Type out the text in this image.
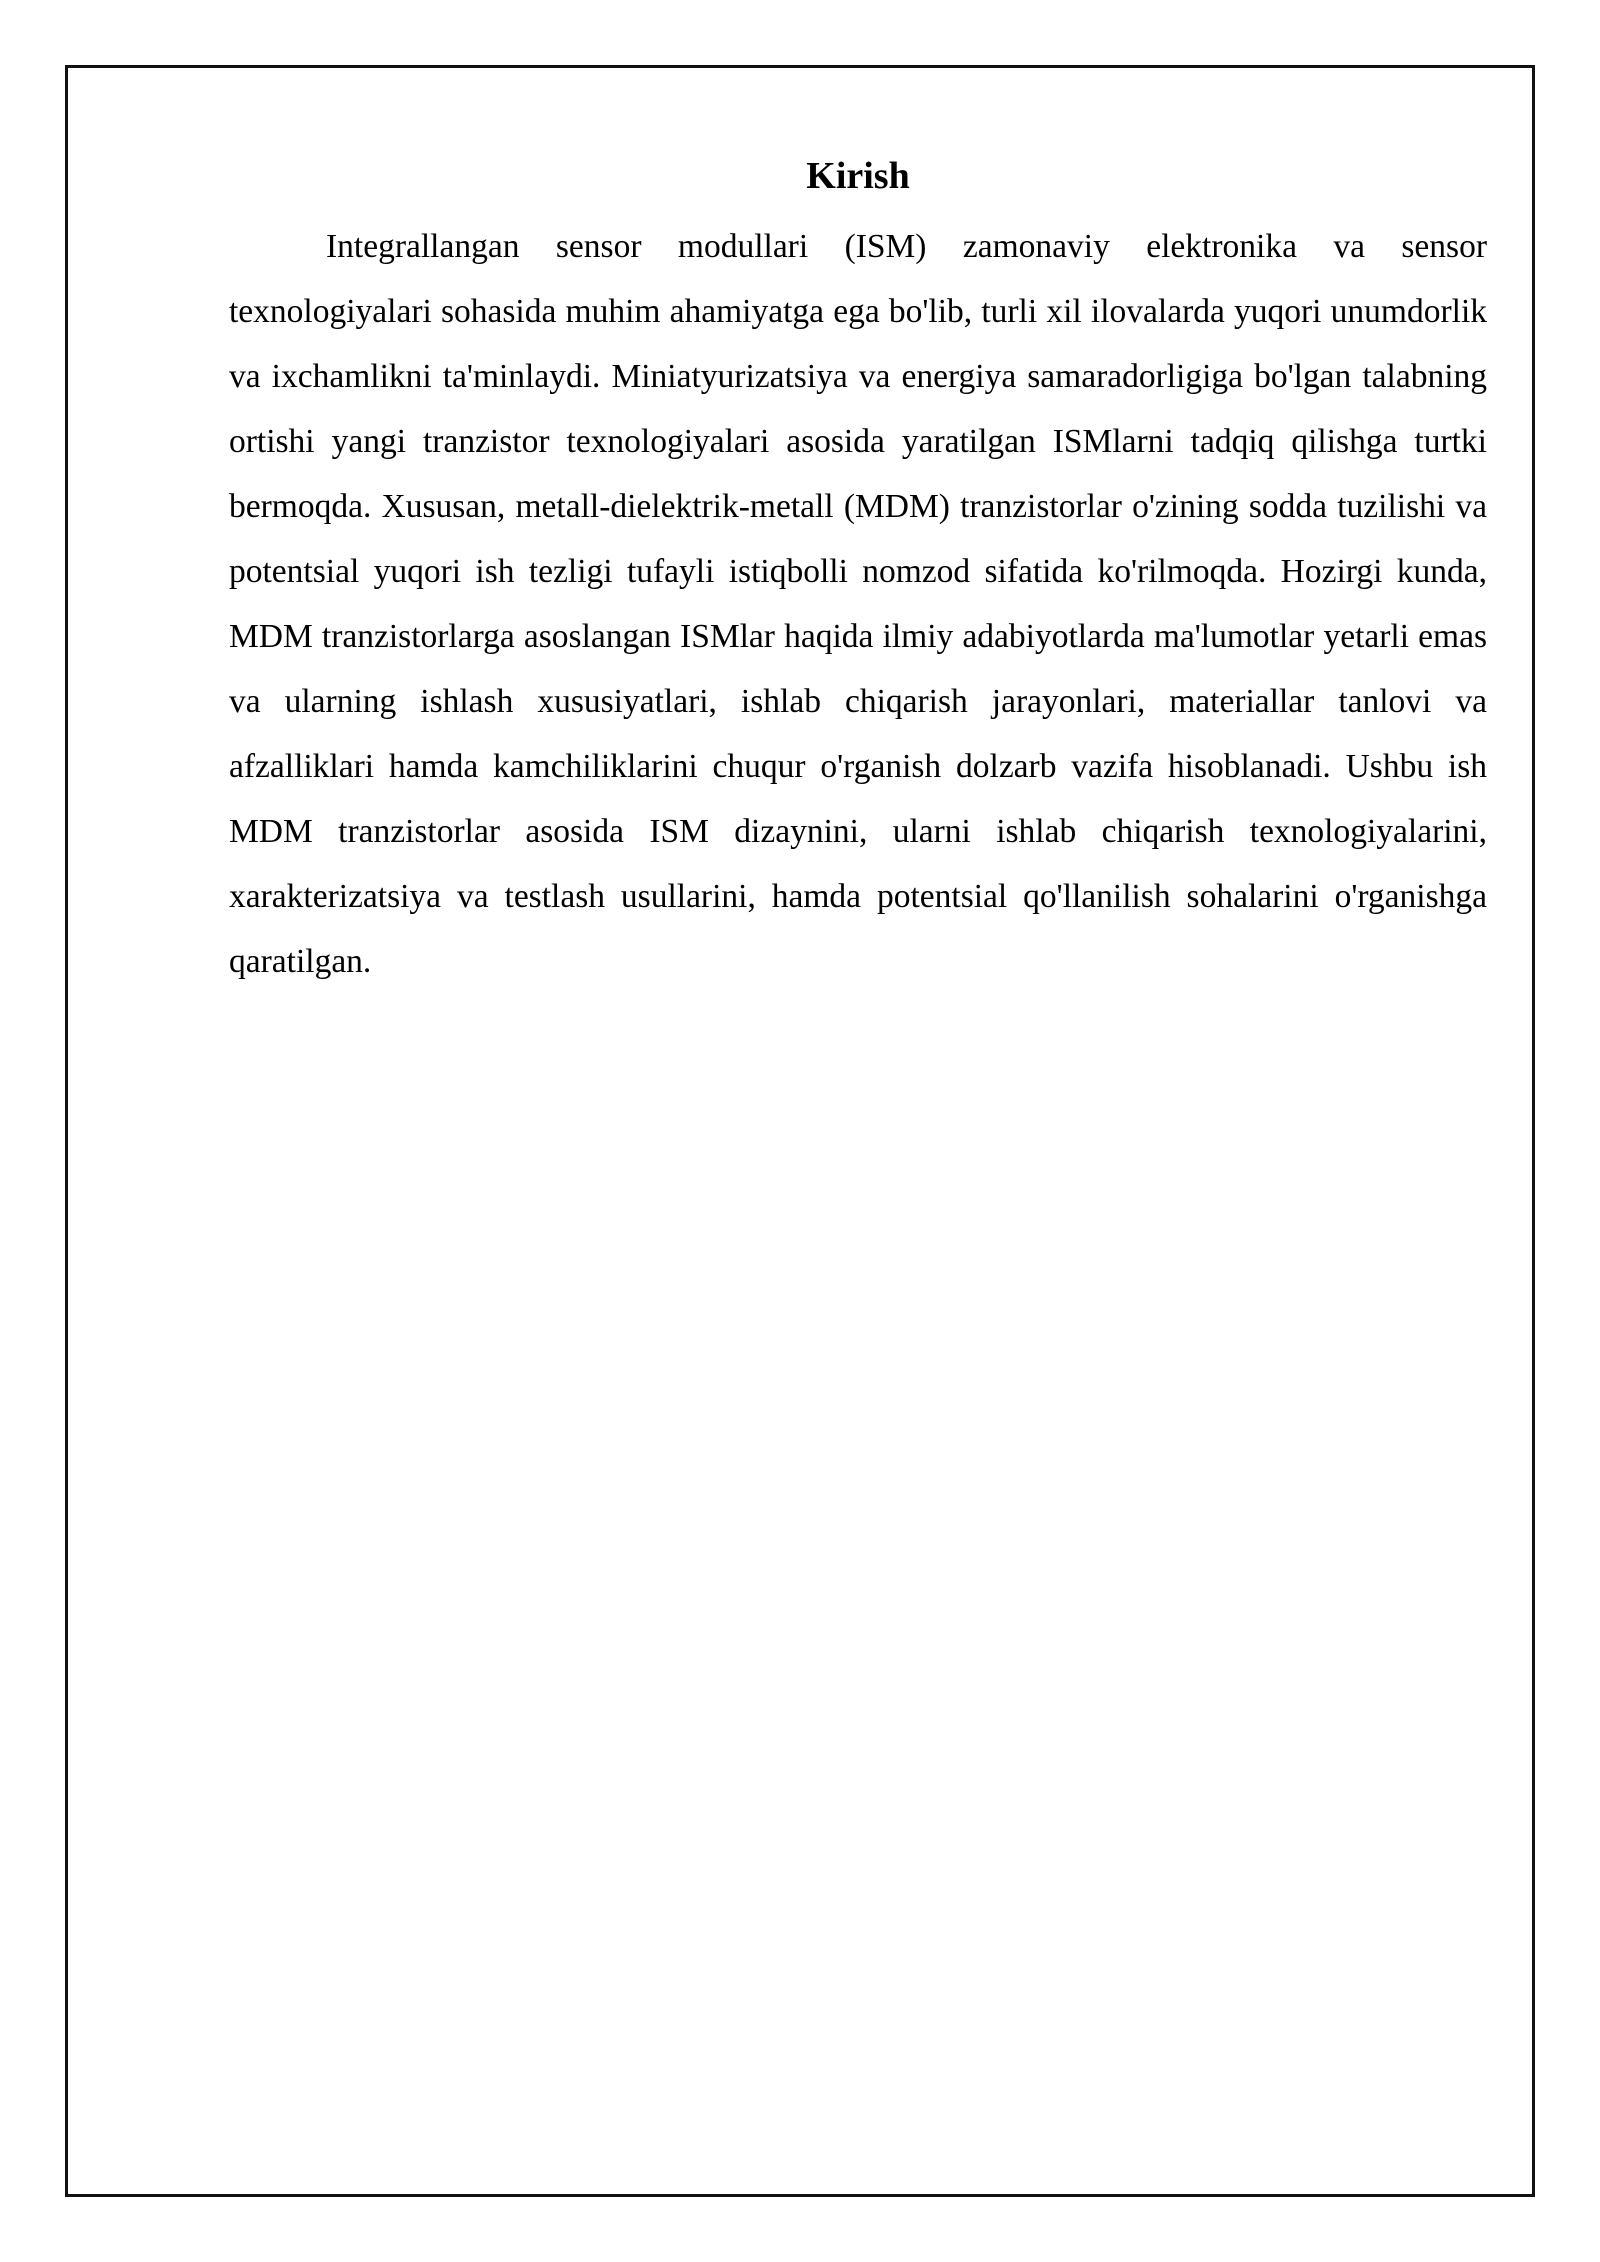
Kirish

Integrallangan sensor modullari (ISM) zamonaviy elektronika va sensor texnologiyalari sohasida muhim ahamiyatga ega bo'lib, turli xil ilovalarda yuqori unumdorlik va ixchamlikni ta'minlaydi. Miniatyurizatsiya va energiya samaradorligiga bo'lgan talabning ortishi yangi tranzistor texnologiyalari asosida yaratilgan ISMlarni tadqiq qilishga turtki bermoqda. Xususan, metall-dielektrik-metall (MDM) tranzistorlar o'zining sodda tuzilishi va potentsial yuqori ish tezligi tufayli istiqbolli nomzod sifatida ko'rilmoqda. Hozirgi kunda, MDM tranzistorlarga asoslangan ISMlar haqida ilmiy adabiyotlarda ma'lumotlar yetarli emas va ularning ishlash xususiyatlari, ishlab chiqarish jarayonlari, materiallar tanlovi va afzalliklari hamda kamchiliklarini chuqur o'rganish dolzarb vazifa hisoblanadi. Ushbu ish MDM tranzistorlar asosida ISM dizaynini, ularni ishlab chiqarish texnologiyalarini, xarakterizatsiya va testlash usullarini, hamda potentsial qo'llanilish sohalarini o'rganishga qaratilgan.
